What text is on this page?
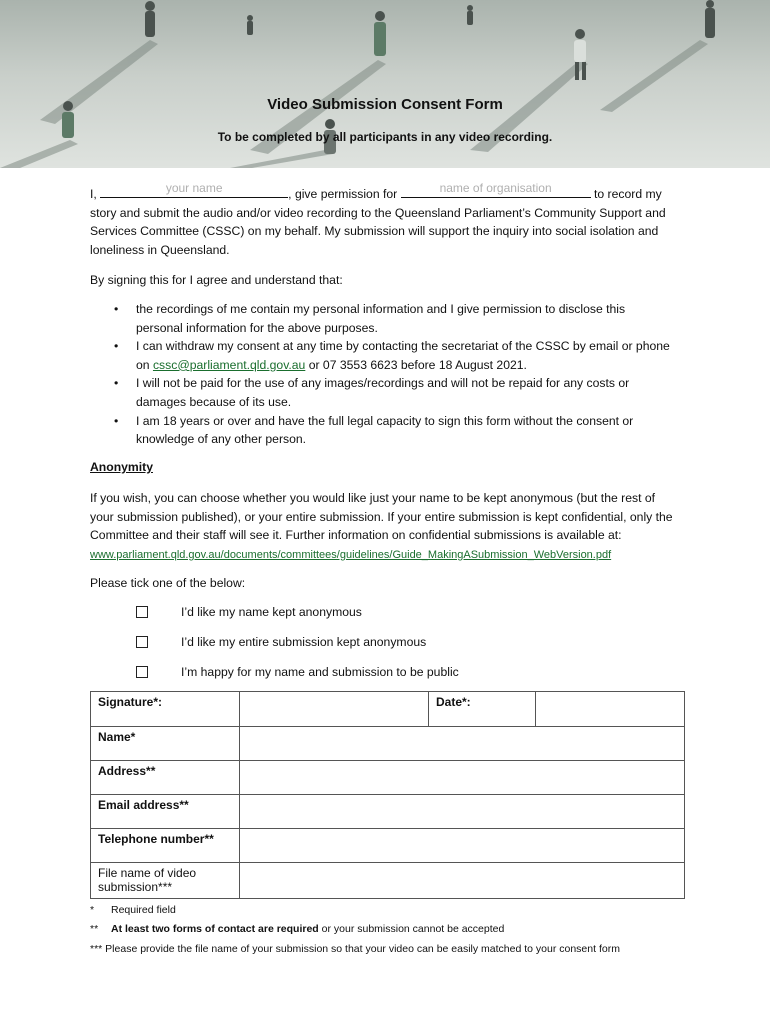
Video Submission Consent Form
To be completed by all participants in any video recording.
I,	your name	, give permission for	name of organisation	to record my story and submit the audio and/or video recording to the Queensland Parliament’s Community Support and Services Committee (CSSC) on my behalf. My submission will support the inquiry into social isolation and loneliness in Queensland.
By signing this for I agree and understand that:
• the recordings of me contain my personal information and I give permission to disclose this personal information for the above purposes.
• I can withdraw my consent at any time by contacting the secretariat of the CSSC by email or phone on cssc@parliament.qld.gov.au or 07 3553 6623 before 18 August 2021.
• I will not be paid for the use of any images/recordings and will not be repaid for any costs or damages because of its use.
• I am 18 years or over and have the full legal capacity to sign this form without the consent or knowledge of any other person.
Anonymity
If you wish, you can choose whether you would like just your name to be kept anonymous (but the rest of your submission published), or your entire submission. If your entire submission is kept confidential, only the Committee and their staff will see it. Further information on confidential submissions is available at: www.parliament.qld.gov.au/documents/committees/guidelines/Guide_MakingASubmission_WebVersion.pdf
Please tick one of the below:
I’d like my name kept anonymous
I’d like my entire submission kept anonymous
I’m happy for my name and submission to be public
Signature*:		Date*:	
Name*			
Address**			
Email address**			
Telephone number**			
File name of video submission***			
* Required field
** At least two forms of contact are required or your submission cannot be accepted
*** Please provide the file name of your submission so that your video can be easily matched to your consent form
